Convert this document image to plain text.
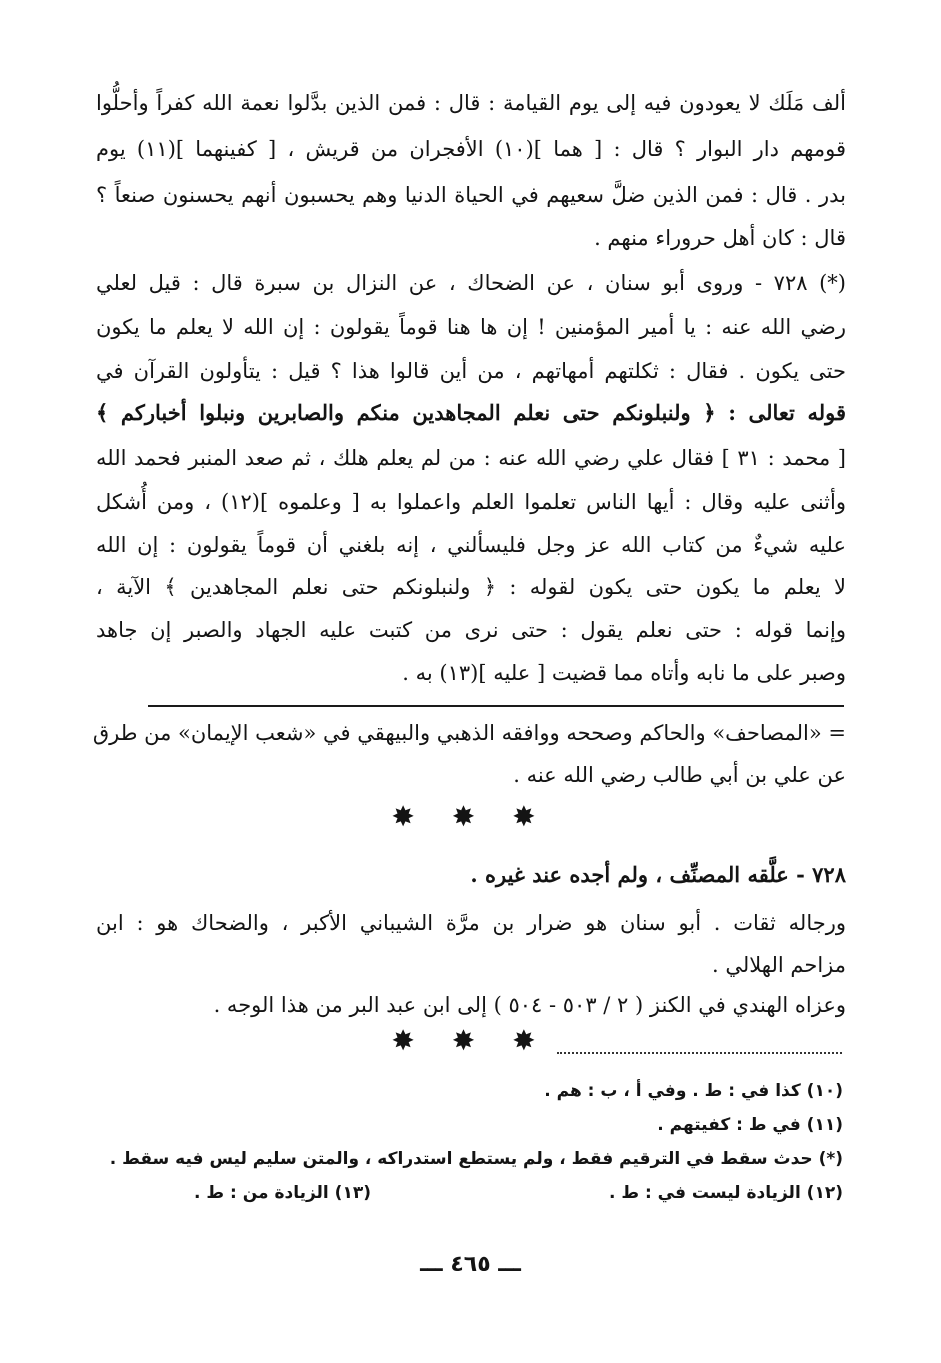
ألف مَلَك لا يعودون فيه إلى يوم القيامة : قال : فمن الذين بدَّلوا نعمة الله كفراً وأحلُّوا
قومهم دار البوار ؟ قال : [ هما ](١٠) الأفجران من قريش ، [ كفينهما ](١١) يوم
بدر . قال : فمن الذين ضلَّ سعيهم في الحياة الدنيا وهم يحسبون أنهم يحسنون صنعاً ؟
قال : كان أهل حروراء منهم .
(*) ٧٢٨ - وروى أبو سنان ، عن الضحاك ، عن النزال بن سبرة قال : قيل لعلي
رضي الله عنه : يا أمير المؤمنين ! إن ها هنا قوماً يقولون : إن الله لا يعلم ما يكون
حتى يكون . فقال : ثكلتهم أمهاتهم ، من أين قالوا هذا ؟ قيل : يتأولون القرآن في
قوله تعالى : ﴿ ولنبلونكم حتى نعلم المجاهدين منكم والصابرين ونبلوا أخباركم ﴾
[ محمد : ٣١ ] فقال علي رضي الله عنه : من لم يعلم هلك ، ثم صعد المنبر فحمد الله
وأثنى عليه وقال : أيها الناس تعلموا العلم واعملوا به [ وعلموه ](١٢) ، ومن أُشكل
عليه شيءٌ من كتاب الله عز وجل فليسألني ، إنه بلغني أن قوماً يقولون : إن الله
لا يعلم ما يكون حتى يكون لقوله : ﴿ ولنبلونكم حتى نعلم المجاهدين ﴾ الآية ،
وإنما قوله : حتى نعلم يقول : حتى نرى من كتبت عليه الجهاد والصبر إن جاهد
وصبر على ما نابه وأتاه مما قضيت [ عليه ](١٣) به .
= «المصاحف» والحاكم وصححه ووافقه الذهبي والبيهقي في «شعب الإيمان» من طرق
عن علي بن أبي طالب رضي الله عنه .
✸ ✸ ✸
٧٢٨ - علَّقه المصنِّف ، ولم أجده عند غيره .
ورجاله ثقات . أبو سنان هو ضرار بن مرَّة الشيباني الأكبر ، والضحاك هو : ابن
مزاحم الهلالي .
وعزاه الهندي في الكنز ( ٢ / ٥٠٣ - ٥٠٤ ) إلى ابن عبد البر من هذا الوجه .
✸ ✸ ✸
(١٠) كذا في : ط . وفي أ ، ب : هم .
(١١) في ط : كفيتهم .
(*) حدث سقط في الترقيم فقط ، ولم يستطع استدراكه ، والمتن سليم ليس فيه سقط .
(١٢) الزيادة ليست في : ط .
(١٣) الزيادة من : ط .
ـــ ٤٦٥ ـــ
